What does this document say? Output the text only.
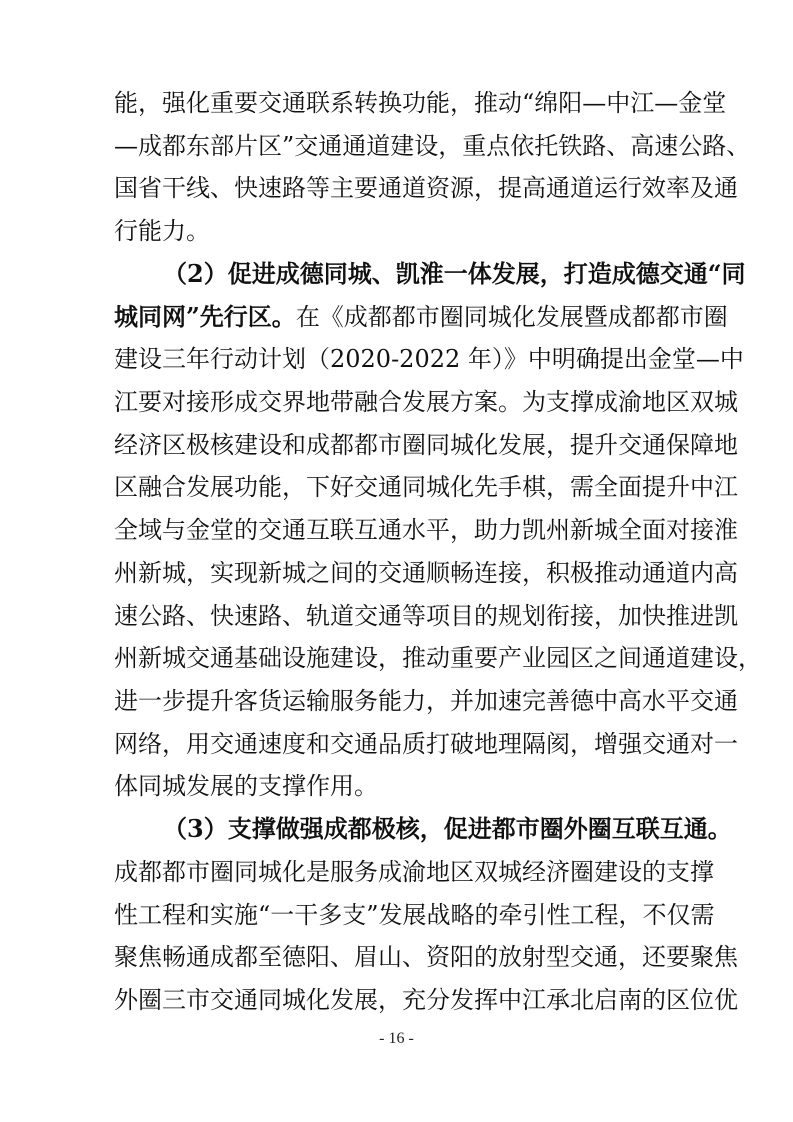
能，强化重要交通联系转换功能，推动“绵阳—中江—金堂
—成都东部片区”交通通道建设，重点依托铁路、高速公路、
国省干线、快速路等主要通道资源，提高通道运行效率及通
行能力。
（2）促进成德同城、凯淮一体发展，打造成德交通“同
城同网”先行区。在《成都都市圈同城化发展暨成都都市圈
建设三年行动计划（2020-2022 年）》中明确提出金堂—中
江要对接形成交界地带融合发展方案。为支撑成渝地区双城
经济区极核建设和成都都市圈同城化发展，提升交通保障地
区融合发展功能，下好交通同城化先手棋，需全面提升中江
全域与金堂的交通互联互通水平，助力凯州新城全面对接淮
州新城，实现新城之间的交通顺畅连接，积极推动通道内高
速公路、快速路、轨道交通等项目的规划衔接，加快推进凯
州新城交通基础设施建设，推动重要产业园区之间通道建设，
进一步提升客货运输服务能力，并加速完善德中高水平交通
网络，用交通速度和交通品质打破地理隔阂，增强交通对一
体同城发展的支撑作用。
（3）支撑做强成都极核，促进都市圈外圈互联互通。
成都都市圈同城化是服务成渝地区双城经济圈建设的支撑
性工程和实施“一干多支”发展战略的牵引性工程，不仅需
聚焦畅通成都至德阳、眉山、资阳的放射型交通，还要聚焦
外圈三市交通同城化发展，充分发挥中江承北启南的区位优
- 16 -
